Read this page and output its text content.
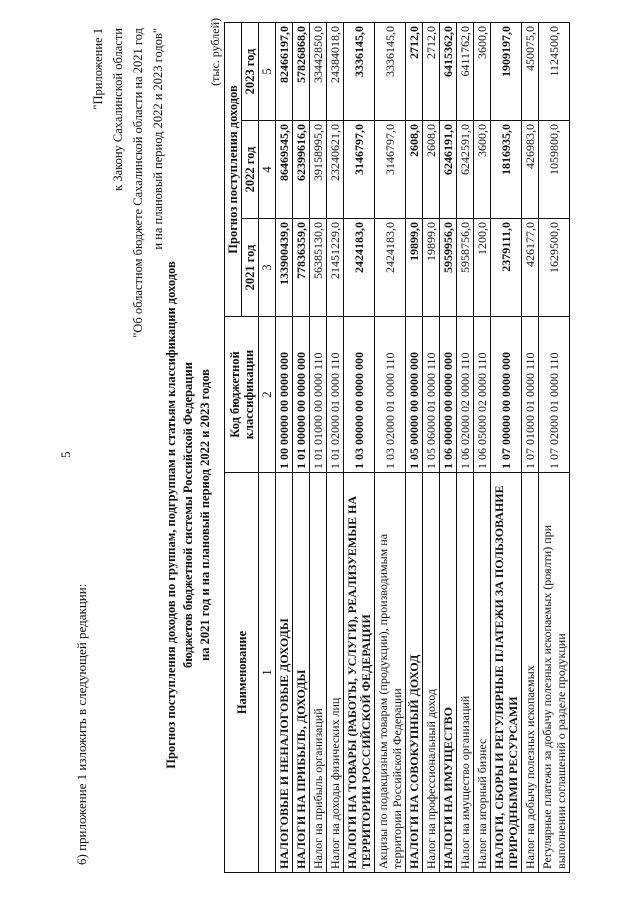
5
6) приложение 1 изложить в следующей редакции:
"Приложение 1 к Закону Сахалинской области "Об областном бюджете Сахалинской области на 2021 год и на плановый период 2022 и 2023 годов"
Прогноз поступления доходов по группам, подгруппам и статьям классификации доходов бюджетов бюджетной системы Российской Федерации на 2021 год и на плановый период 2022 и 2023 годов
(тыс. рублей)
Наименование	Код бюджетной классификации	Прогноз поступления доходов		
		2021 год	2022 год	2023 год
1	2	3	4	5
НАЛОГОВЫЕ И НЕНАЛОГОВЫЕ ДОХОДЫ	1 00 00000 00 0000 000	133900439,0	86469545,0	82466197,0
НАЛОГИ НА ПРИБЫЛЬ, ДОХОДЫ	1 01 00000 00 0000 000	77836359,0	62399616,0	57826868,0
Налог на прибыль организаций	1 01 01000 00 0000 110	56385130,0	39158995,0	33442850,0
Налог на доходы физических лиц	1 01 02000 01 0000 110	21451229,0	23240621,0	24384018,0
НАЛОГИ НА ТОВАРЫ (РАБОТЫ, УСЛУГИ), РЕАЛИЗУЕМЫЕ НА ТЕРРИТОРИИ РОССИЙСКОЙ ФЕДЕРАЦИИ	1 03 00000 00 0000 000	2424183,0	3146797,0	3336145,0
Акцизы по подакцизным товарам (продукции), производимым на территории Российской Федерации	1 03 02000 01 0000 110	2424183,0	3146797,0	3336145,0
НАЛОГИ НА СОВОКУПНЫЙ ДОХОД	1 05 00000 00 0000 000	19899,0	2608,0	2712,0
Налог на профессиональный доход	1 05 06000 01 0000 110	19899,0	2608,0	2712,0
НАЛОГИ НА ИМУЩЕСТВО	1 06 00000 00 0000 000	5959956,0	6246191,0	6415362,0
Налог на имущество организаций	1 06 02000 02 0000 110	5958756,0	6242591,0	6411762,0
Налог на игорный бизнес	1 06 05000 02 0000 110	1200,0	3600,0	3600,0
НАЛОГИ, СБОРЫ И РЕГУЛЯРНЫЕ ПЛАТЕЖИ ЗА ПОЛЬЗОВАНИЕ ПРИРОДНЫМИ РЕСУРСАМИ	1 07 00000 00 0000 000	2379111,0	1816935,0	1909197,0
Налог на добычу полезных ископаемых	1 07 01000 01 0000 110	426177,0	426983,0	450075,0
Регулярные платежи за добычу полезных ископаемых (роялти) при выполнении соглашений о разделе продукции	1 07 02000 01 0000 110	1629500,0	1059800,0	1124500,0
